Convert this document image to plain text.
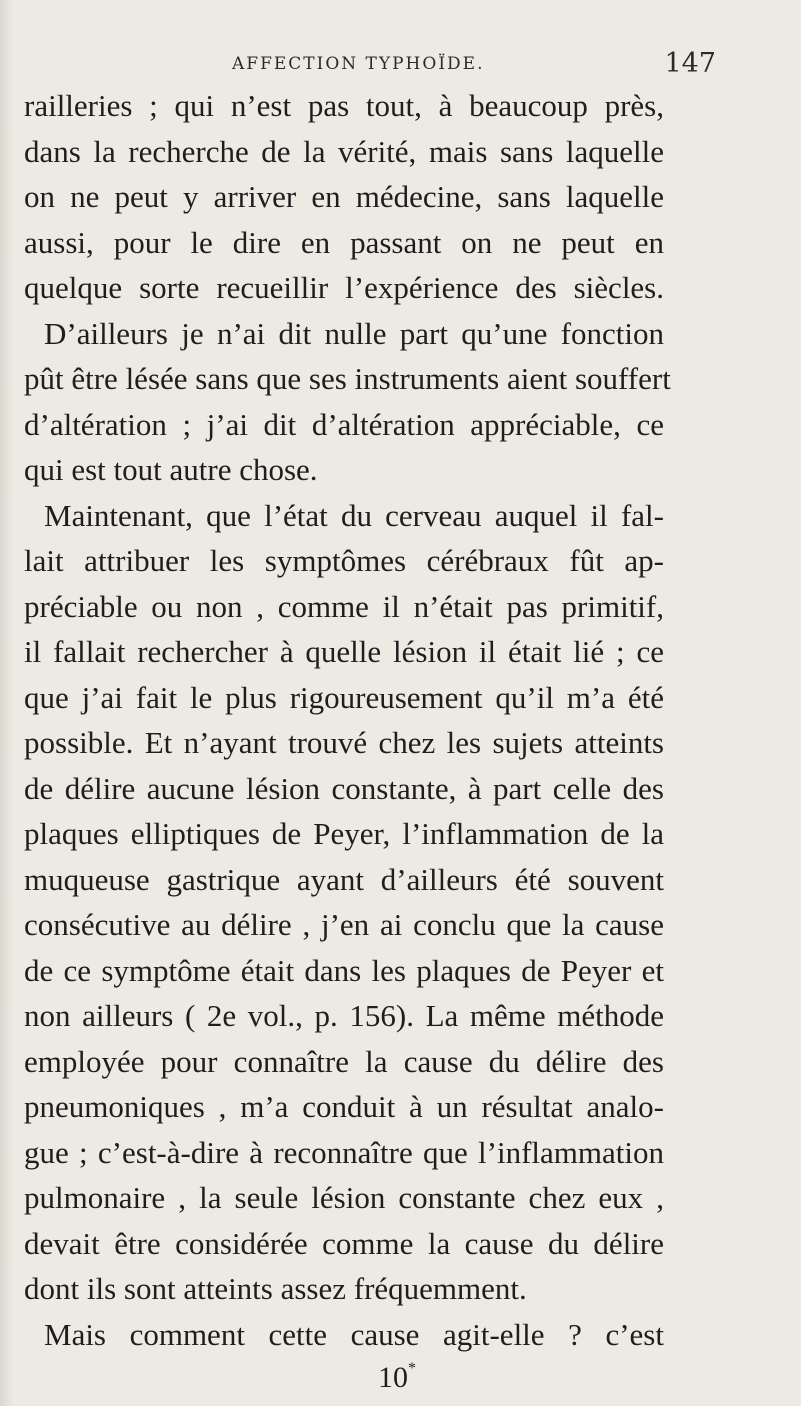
AFFECTION TYPHOÏDE.	147
railleries ; qui n’est pas tout, à beaucoup près,
dans la recherche de la vérité, mais sans laquelle
on ne peut y arriver en médecine, sans laquelle
aussi, pour le dire en passant on ne peut en
quelque sorte recueillir l’expérience des siècles.
D’ailleurs je n’ai dit nulle part qu’une fonction
pût être lésée sans que ses instruments aient souffert
d’altération ; j’ai dit d’altération appréciable, ce
qui est tout autre chose.
Maintenant, que l’état du cerveau auquel il fal-
lait attribuer les symptômes cérébraux fût ap-
préciable ou non , comme il n’était pas primitif,
il fallait rechercher à quelle lésion il était lié ; ce
que j’ai fait le plus rigoureusement qu’il m’a été
possible. Et n’ayant trouvé chez les sujets atteints
de délire aucune lésion constante, à part celle des
plaques elliptiques de Peyer, l’inflammation de la
muqueuse gastrique ayant d’ailleurs été souvent
consécutive au délire , j’en ai conclu que la cause
de ce symptôme était dans les plaques de Peyer et
non ailleurs ( 2e vol., p. 156). La même méthode
employée pour connaître la cause du délire des
pneumoniques , m’a conduit à un résultat analo-
gue ; c’est-à-dire à reconnaître que l’inflammation
pulmonaire , la seule lésion constante chez eux ,
devait être considérée comme la cause du délire
dont ils sont atteints assez fréquemment.
Mais comment cette cause agit-elle ? c’est
10*
